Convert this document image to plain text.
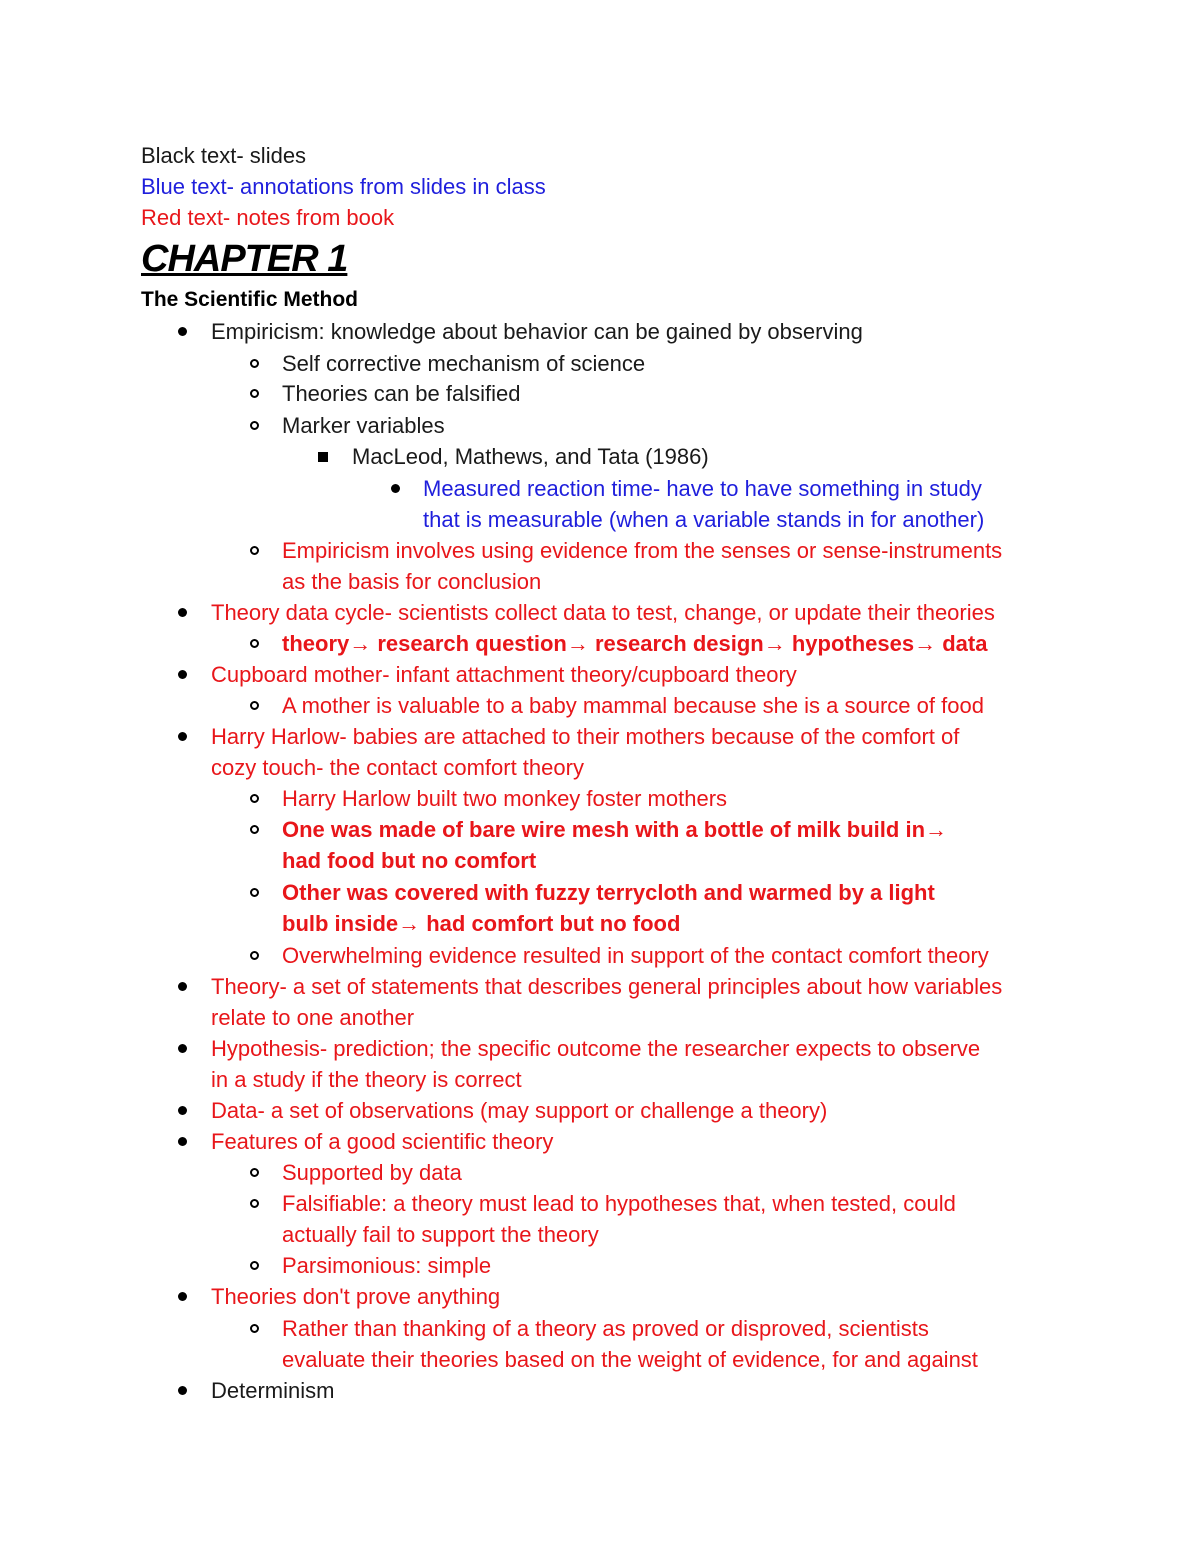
Black text- slides
Blue text- annotations from slides in class
Red text- notes from book
CHAPTER 1
The Scientific Method
Empiricism: knowledge about behavior can be gained by observing
Self corrective mechanism of science
Theories can be falsified
Marker variables
MacLeod, Mathews, and Tata (1986)
Measured reaction time- have to have something in study
that is measurable (when a variable stands in for another)
Empiricism involves using evidence from the senses or sense-instruments
as the basis for conclusion
Theory data cycle- scientists collect data to test, change, or update their theories
theory→ research question→ research design→ hypotheses→ data
Cupboard mother- infant attachment theory/cupboard theory
A mother is valuable to a baby mammal because she is a source of food
Harry Harlow- babies are attached to their mothers because of the comfort of
cozy touch- the contact comfort theory
Harry Harlow built two monkey foster mothers
One was made of bare wire mesh with a bottle of milk build in→
had food but no comfort
Other was covered with fuzzy terrycloth and warmed by a light
bulb inside→ had comfort but no food
Overwhelming evidence resulted in support of the contact comfort theory
Theory- a set of statements that describes general principles about how variables
relate to one another
Hypothesis- prediction; the specific outcome the researcher expects to observe
in a study if the theory is correct
Data- a set of observations (may support or challenge a theory)
Features of a good scientific theory
Supported by data
Falsifiable: a theory must lead to hypotheses that, when tested, could
actually fail to support the theory
Parsimonious: simple
Theories don't prove anything
Rather than thanking of a theory as proved or disproved, scientists
evaluate their theories based on the weight of evidence, for and against
Determinism
